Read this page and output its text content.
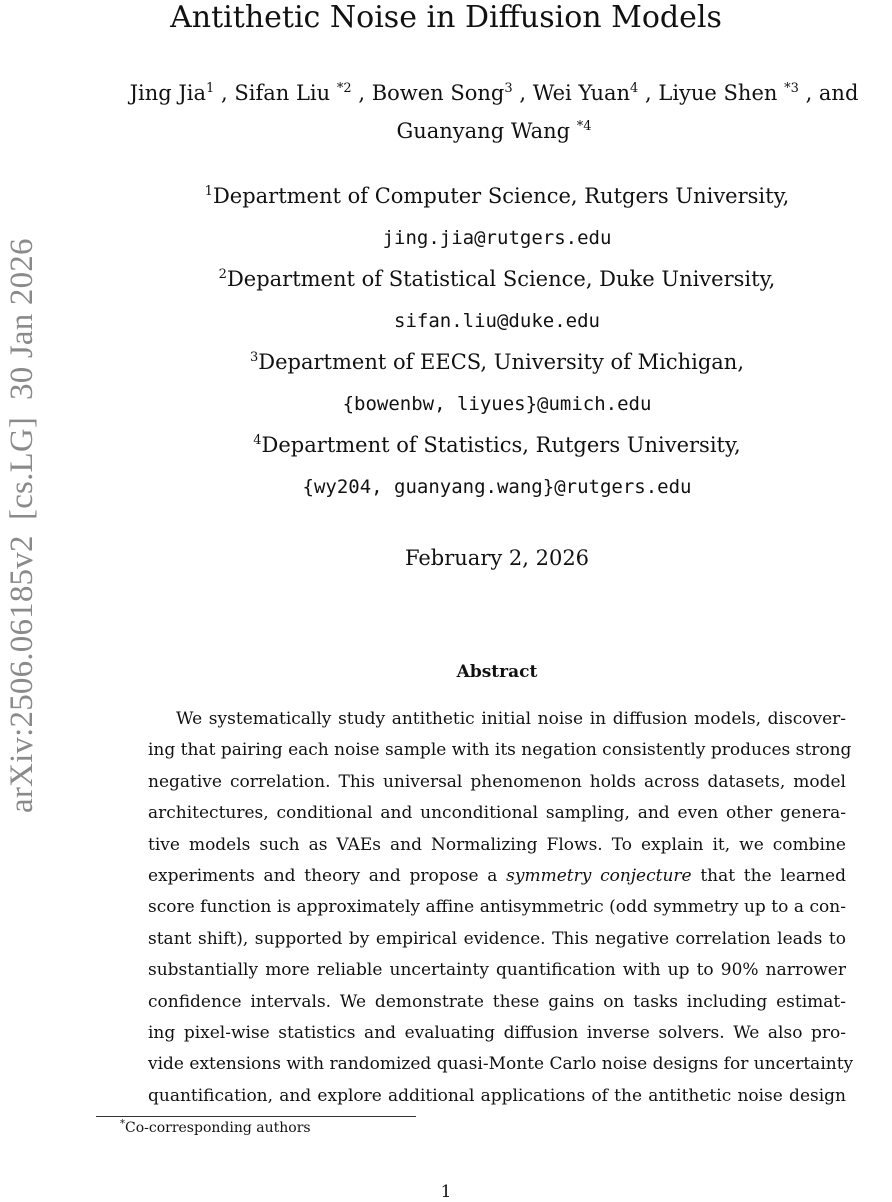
arXiv:2506.06185v2
[cs.LG]
30 Jan 2026
Antithetic Noise in Diffusion Models
Jing Jia$^1$ , Sifan Liu $^{*2}$ , Bowen Song$^3$ , Wei Yuan$^4$ , Liyue Shen $^{*3}$ , and
Guanyang Wang $^{*4}$
$^1$Department of Computer Science, Rutgers University,
jing.jia@rutgers.edu
$^2$Department of Statistical Science, Duke University,
sifan.liu@duke.edu
$^3$Department of EECS, University of Michigan,
{bowenbw, liyues}@umich.edu
$^4$Department of Statistics, Rutgers University,
{wy204, guanyang.wang}@rutgers.edu
February 2, 2026
Abstract
We systematically study antithetic initial noise in diffusion models, discover-
ing that pairing each noise sample with its negation consistently produces strong
negative correlation. This universal phenomenon holds across datasets, model
architectures, conditional and unconditional sampling, and even other genera-
tive models such as VAEs and Normalizing Flows. To explain it, we combine
experiments and theory and propose a symmetry conjecture that the learned
score function is approximately affine antisymmetric (odd symmetry up to a con-
stant shift), supported by empirical evidence. This negative correlation leads to
substantially more reliable uncertainty quantification with up to 90% narrower
confidence intervals. We demonstrate these gains on tasks including estimat-
ing pixel-wise statistics and evaluating diffusion inverse solvers. We also pro-
vide extensions with randomized quasi-Monte Carlo noise designs for uncertainty
quantification, and explore additional applications of the antithetic noise design
*Co-corresponding authors
1
